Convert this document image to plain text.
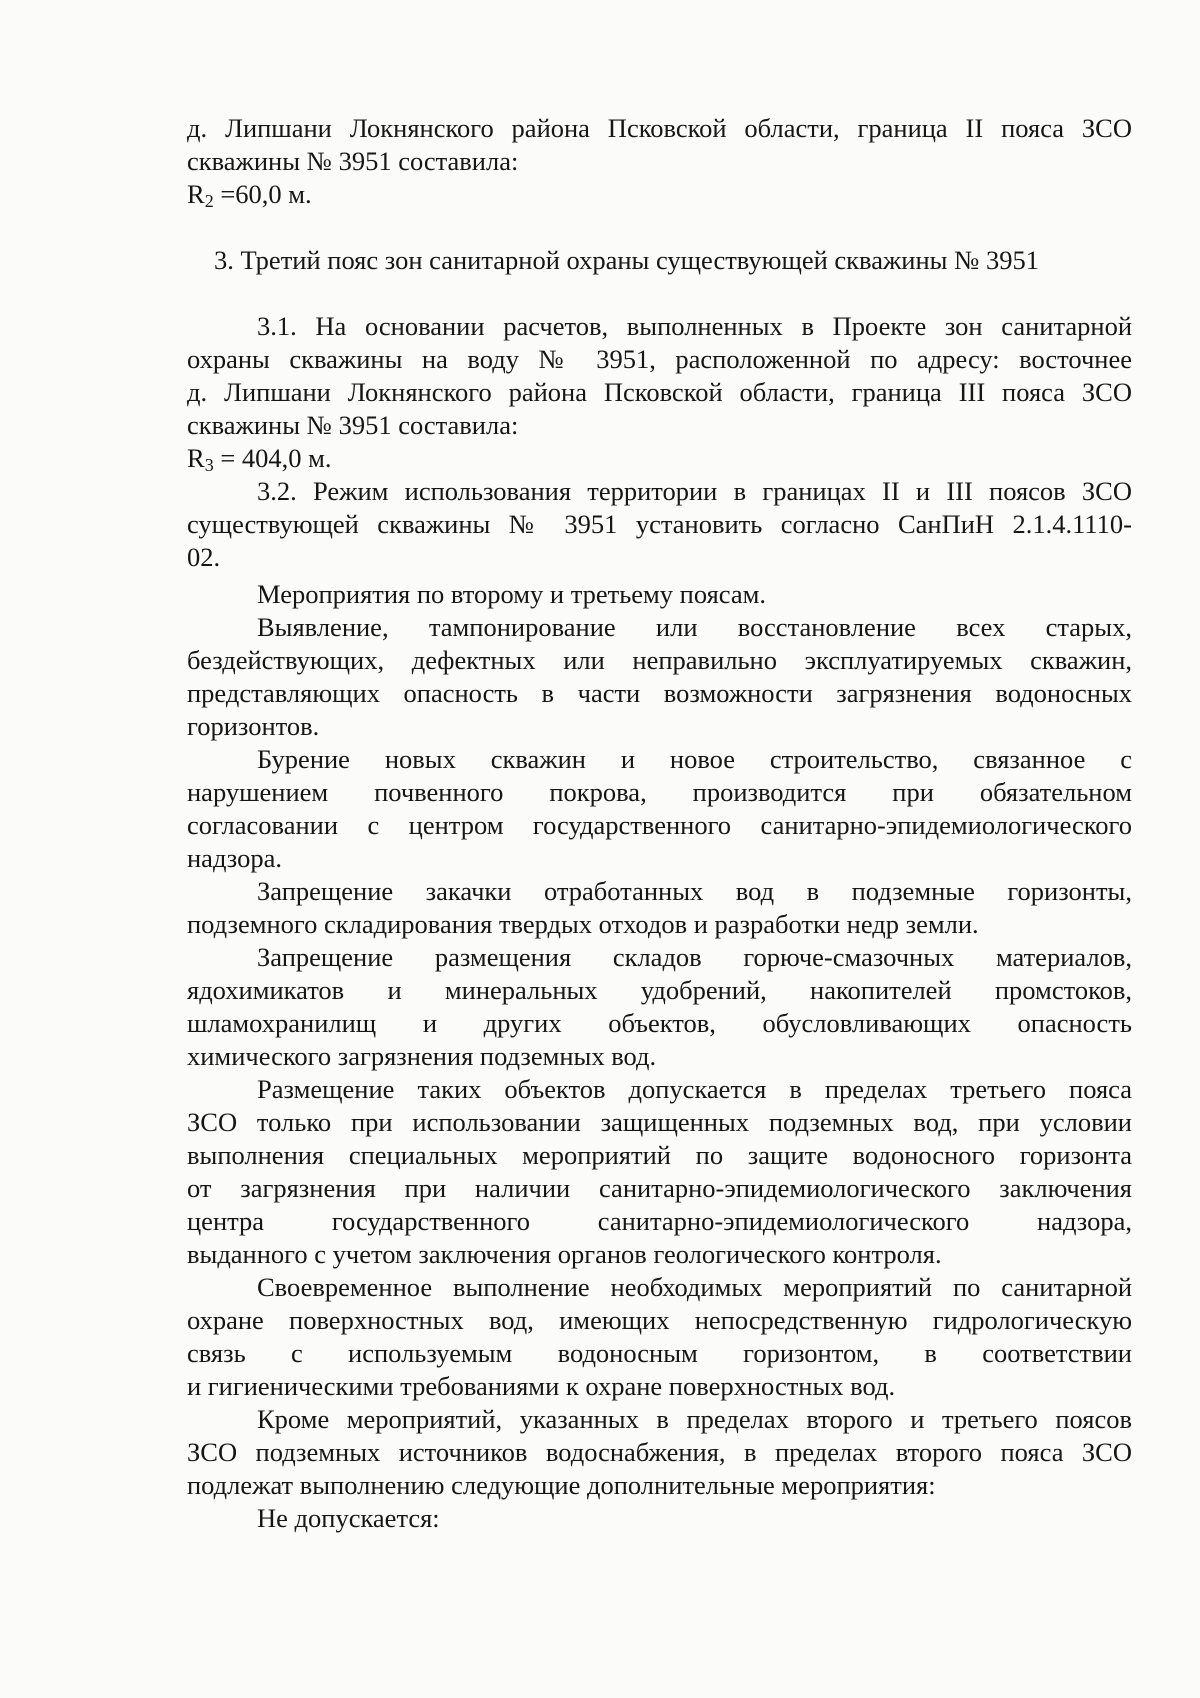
д. Липшани Локнянского района Псковской области, граница II пояса ЗСО
скважины № 3951 составила:
$R_2 =60,0$ м.
3. Третий пояс зон санитарной охраны существующей скважины № 3951
3.1. На основании расчетов, выполненных в Проекте зон санитарной
охраны скважины на воду № 3951, расположенной по адресу: восточнее
д. Липшани Локнянского района Псковской области, граница III пояса ЗСО
скважины № 3951 составила:
$R_3 = 404,0$ м.
3.2. Режим использования территории в границах II и III поясов ЗСО
существующей скважины № 3951 установить согласно СанПиН 2.1.4.1110-
02.
Мероприятия по второму и третьему поясам.
Выявление, тампонирование или восстановление всех старых,
бездействующих, дефектных или неправильно эксплуатируемых скважин,
представляющих опасность в части возможности загрязнения водоносных
горизонтов.
Бурение новых скважин и новое строительство, связанное с
нарушением почвенного покрова, производится при обязательном
согласовании с центром государственного санитарно-эпидемиологического
надзора.
Запрещение закачки отработанных вод в подземные горизонты,
подземного складирования твердых отходов и разработки недр земли.
Запрещение размещения складов горюче-смазочных материалов,
ядохимикатов и минеральных удобрений, накопителей промстоков,
шламохранилищ и других объектов, обусловливающих опасность
химического загрязнения подземных вод.
Размещение таких объектов допускается в пределах третьего пояса
ЗСО только при использовании защищенных подземных вод, при условии
выполнения специальных мероприятий по защите водоносного горизонта
от загрязнения при наличии санитарно-эпидемиологического заключения
центра государственного санитарно-эпидемиологического надзора,
выданного с учетом заключения органов геологического контроля.
Своевременное выполнение необходимых мероприятий по санитарной
охране поверхностных вод, имеющих непосредственную гидрологическую
связь с используемым водоносным горизонтом, в соответствии
и гигиеническими требованиями к охране поверхностных вод.
Кроме мероприятий, указанных в пределах второго и третьего поясов
ЗСО подземных источников водоснабжения, в пределах второго пояса ЗСО
подлежат выполнению следующие дополнительные мероприятия:
Не допускается:
